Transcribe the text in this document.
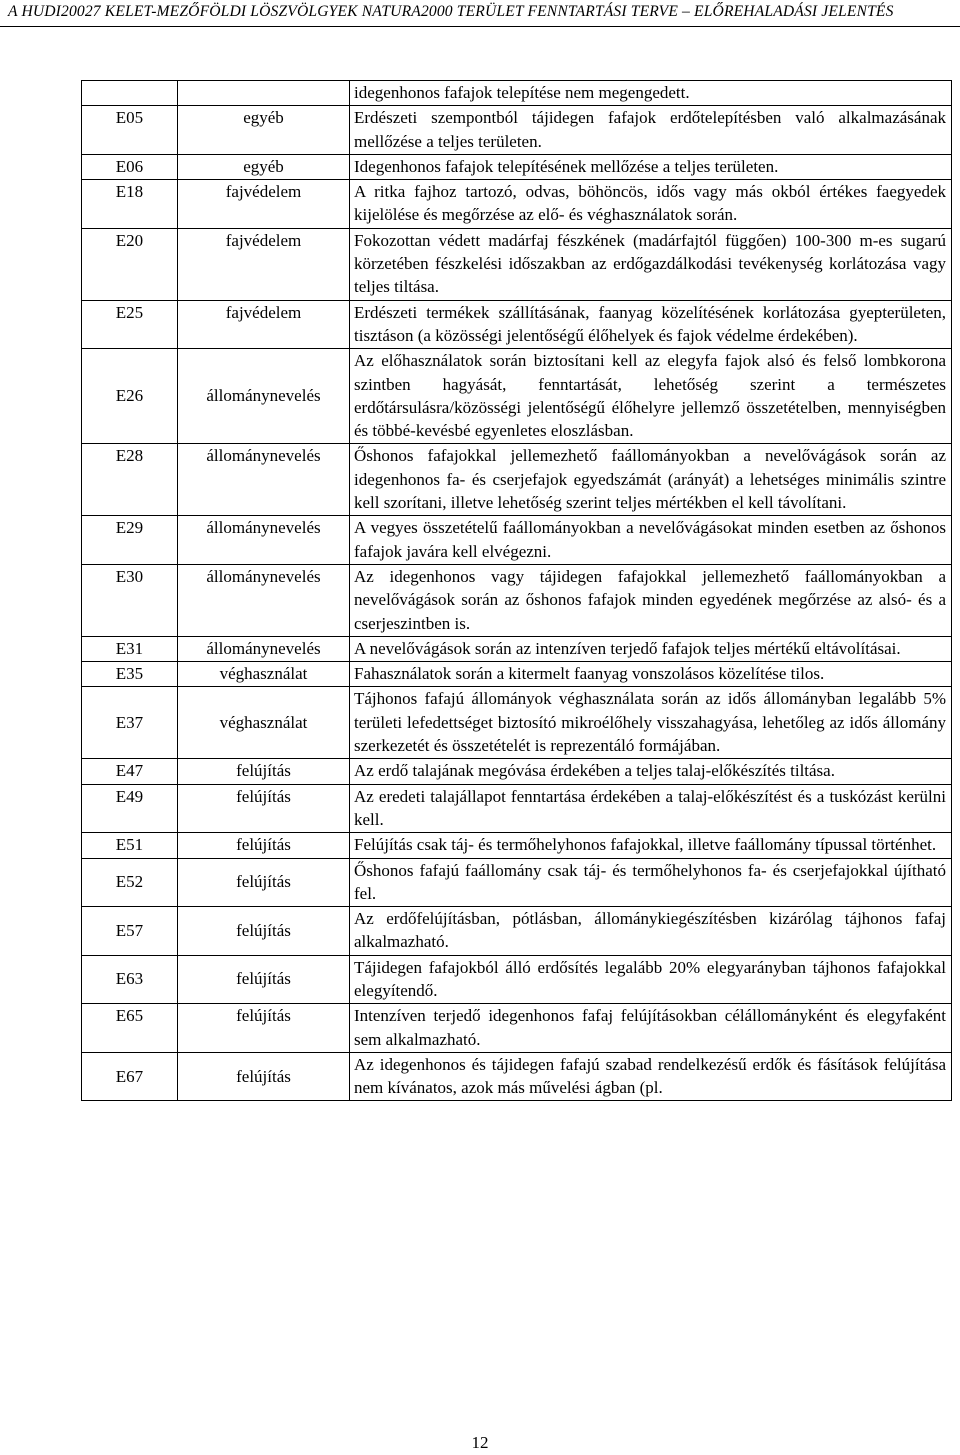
A HUDI20027 KELET-MEZŐFÖLDI LÖSZVÖLGYEK NATURA2000 TERÜLET FENNTARTÁSI TERVE – ELŐREHALADÁSI JELENTÉS
		idegenhonos fafajok telepítése nem megengedett.
E05	egyéb	Erdészeti szempontból tájidegen fafajok erdőtelepítésben való alkalmazásának mellőzése a teljes területen.
E06	egyéb	Idegenhonos fafajok telepítésének mellőzése a teljes területen.
E18	fajvédelem	A ritka fajhoz tartozó, odvas, böhöncös, idős vagy más okból értékes faegyedek kijelölése és megőrzése az elő- és véghasználatok során.
E20	fajvédelem	Fokozottan védett madárfaj fészkének (madárfajtól függően) 100-300 m-es sugarú körzetében fészkelési időszakban az erdőgazdálkodási tevékenység korlátozása vagy teljes tiltása.
E25	fajvédelem	Erdészeti termékek szállításának, faanyag közelítésének korlátozása gyepterületen, tisztáson (a közösségi jelentőségű élőhelyek és fajok védelme érdekében).
E26	állománynevelés	Az előhasználatok során biztosítani kell az elegyfa fajok alsó és felső lombkorona szintben hagyását, fenntartását, lehetőség szerint a természetes erdőtársulásra/közösségi jelentőségű élőhelyre jellemző összetételben, mennyiségben és többé-kevésbé egyenletes eloszlásban.
E28	állománynevelés	Őshonos fafajokkal jellemezhető faállományokban a nevelővágások során az idegenhonos fa- és cserjefajok egyedszámát (arányát) a lehetséges minimális szintre kell szorítani, illetve lehetőség szerint teljes mértékben el kell távolítani.
E29	állománynevelés	A vegyes összetételű faállományokban a nevelővágásokat minden esetben az őshonos fafajok javára kell elvégezni.
E30	állománynevelés	Az idegenhonos vagy tájidegen fafajokkal jellemezhető faállományokban a nevelővágások során az őshonos fafajok minden egyedének megőrzése az alsó- és a cserjeszintben is.
E31	állománynevelés	A nevelővágások során az intenzíven terjedő fafajok teljes mértékű eltávolításai.
E35	véghasználat	Fahasználatok során a kitermelt faanyag vonszolásos közelítése tilos.
E37	véghasználat	Tájhonos fafajú állományok véghasználata során az idős állományban legalább 5% területi lefedettséget biztosító mikroélőhely visszahagyása, lehetőleg az idős állomány szerkezetét és összetételét is reprezentáló formájában.
E47	felújítás	Az erdő talajának megóvása érdekében a teljes talaj-előkészítés tiltása.
E49	felújítás	Az eredeti talajállapot fenntartása érdekében a talaj-előkészítést és a tuskózást kerülni kell.
E51	felújítás	Felújítás csak táj- és termőhelyhonos fafajokkal, illetve faállomány típussal történhet.
E52	felújítás	Őshonos fafajú faállomány csak táj- és termőhelyhonos fa- és cserjefajokkal újítható fel.
E57	felújítás	Az erdőfelújításban, pótlásban, állománykiegészítésben kizárólag tájhonos fafaj alkalmazható.
E63	felújítás	Tájidegen fafajokból álló erdősítés legalább 20% elegyarányban tájhonos fafajokkal elegyítendő.
E65	felújítás	Intenzíven terjedő idegenhonos fafaj felújításokban célállományként és elegyfaként sem alkalmazható.
E67	felújítás	Az idegenhonos és tájidegen fafajú szabad rendelkezésű erdők és fásítások felújítása nem kívánatos, azok más művelési ágban (pl.
12
